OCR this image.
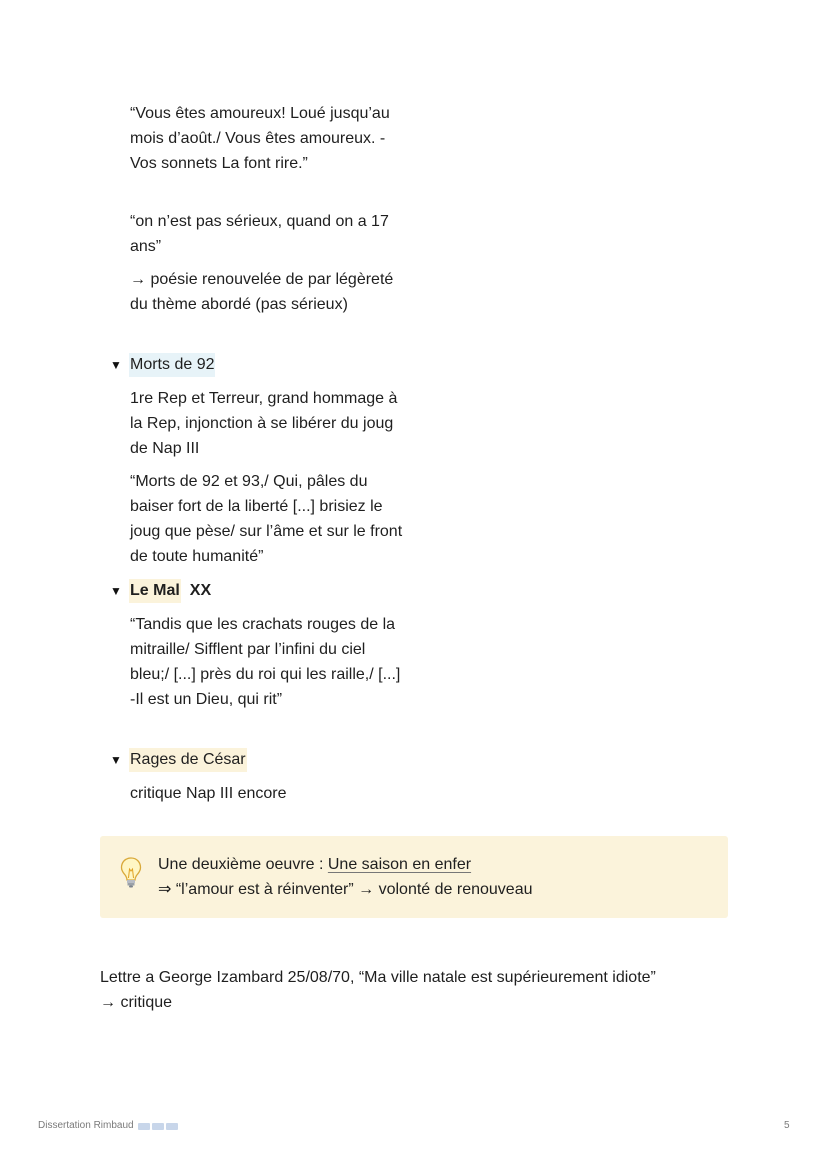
“Vous êtes amoureux! Loué jusqu’au mois d’août./ Vous êtes amoureux. - Vos sonnets La font rire.”

“on n’est pas sérieux, quand on a 17 ans”

→ poésie renouvelée de par légèreté du thème abordé (pas sérieux)

▼ Morts de 92

1re Rep et Terreur, grand hommage à la Rep, injonction à se libérer du joug de Nap III

“Morts de 92 et 93,/ Qui, pâles du baiser fort de la liberté [...] brisiez le joug que pèse/ sur l’âme et sur le front de toute humanité”

▼ Le Mal XX

“Tandis que les crachats rouges de la mitraille/ Sifflent par l’infini du ciel bleu;/ [...] près du roi qui les raille,/ [...] -Il est un Dieu, qui rit”

▼ Rages de César

critique Nap III encore

Une deuxième oeuvre : Une saison en enfer
⇒ “l’amour est à réinventer” → volonté de renouveau
Lettre a George Izambard 25/08/70, “Ma ville natale est supérieurement idiote”
→ critique
Dissertation Rimbaud	5
